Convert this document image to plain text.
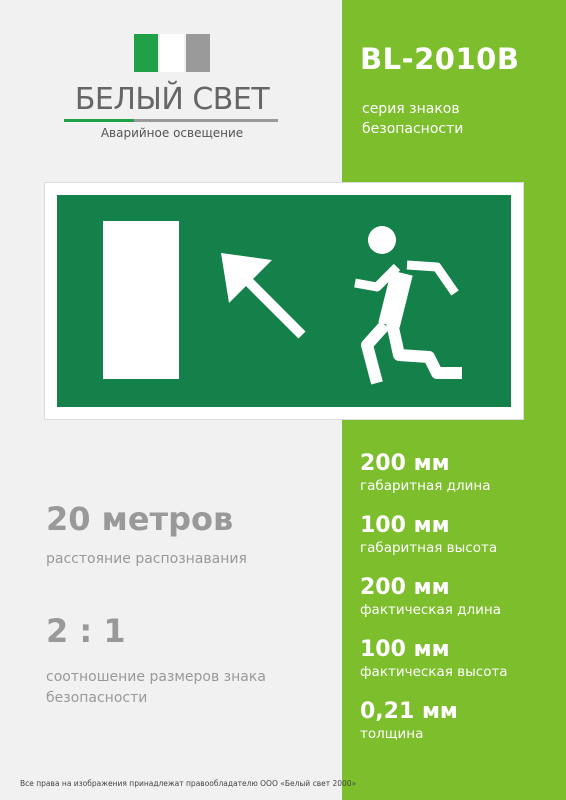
БЕЛЫЙ СВЕТ
Аварийное освещение
BL-2010B
серия знаков
безопасности
20 метров
расстояние распознавания
2 : 1
соотношение размеров знака
безопасности
200 мм
габаритная длина
100 мм
габаритная высота
200 мм
фактическая длина
100 мм
фактическая высота
0,21 мм
толщина
Все права на изображения принадлежат правообладателю ООО «Белый свет 2000»
